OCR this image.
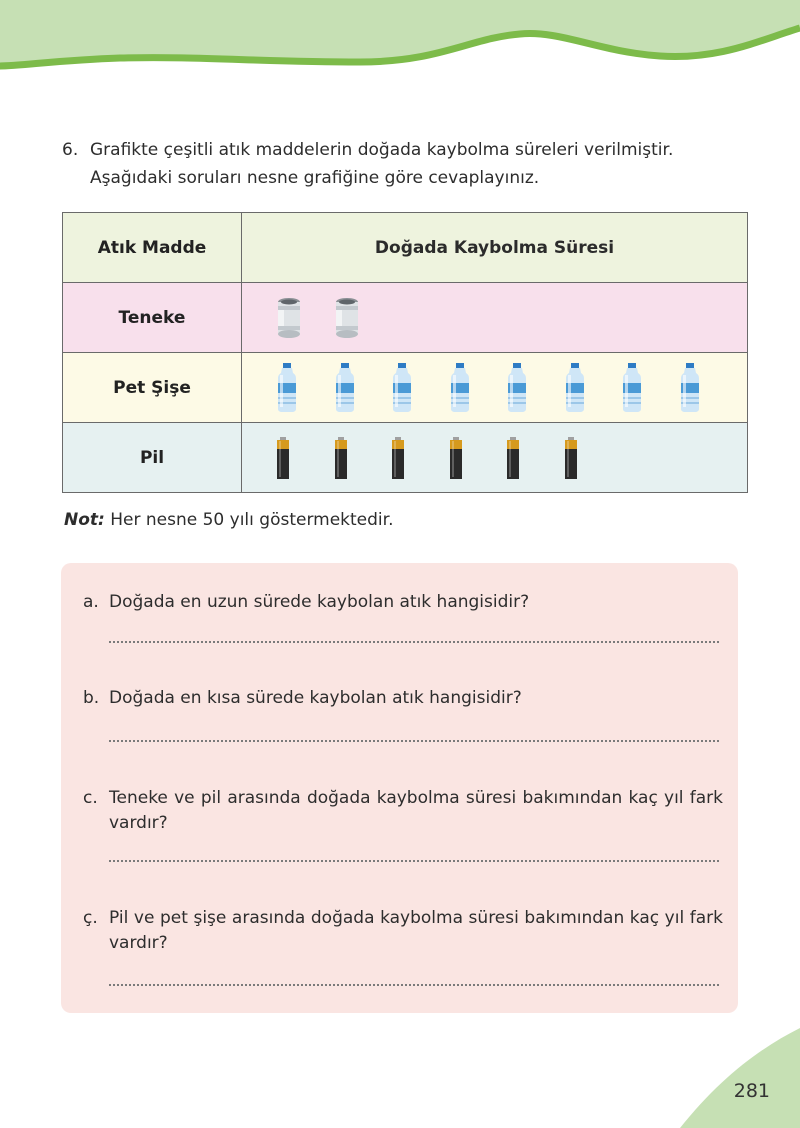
6. Grafikte çeşitli atık maddelerin doğada kaybolma süreleri verilmiştir. Aşağıdaki soruları nesne grafiğine göre cevaplayınız.
Atık Madde	Doğada Kaybolma Süresi
Teneke	

Pet Şişe	

Pil	
Not: Her nesne 50 yılı göstermektedir.
a. Doğada en uzun sürede kaybolan atık hangisidir?
b. Doğada en kısa sürede kaybolan atık hangisidir?
c. Teneke ve pil arasında doğada kaybolma süresi bakımından kaç yıl fark vardır?
ç. Pil ve pet şişe arasında doğada kaybolma süresi bakımından kaç yıl fark vardır?
281
